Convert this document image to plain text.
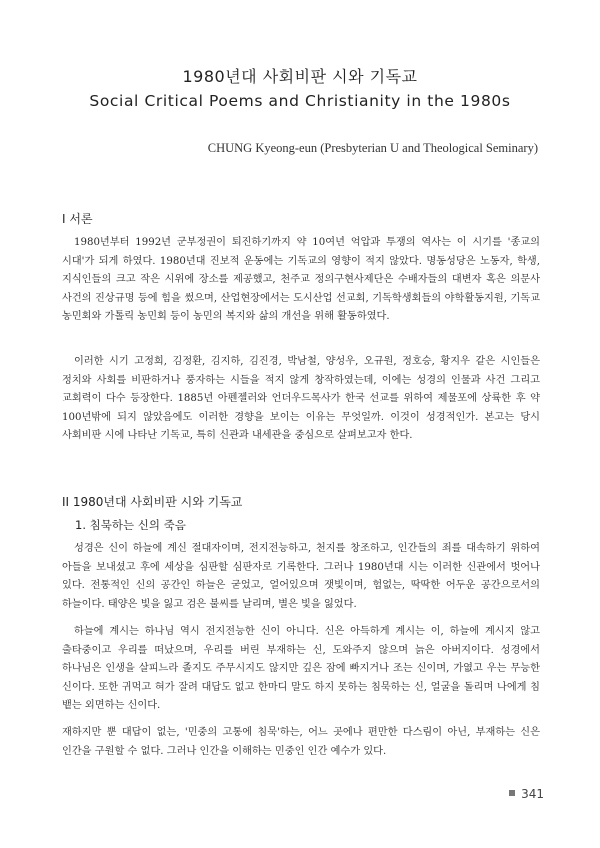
1980년대 사회비판 시와 기독교
Social Critical Poems and Christianity in the 1980s
CHUNG Kyeong-eun (Presbyterian U and Theological Seminary)
I 서론

1980년부터 1992년 군부정권이 퇴진하기까지 약 10여년 억압과 투쟁의 역사는 이 시기를 '종교의 시대'가 되게 하였다. 1980년대 진보적 운동에는 기독교의 영향이 적지 않았다. 명동성당은 노동자, 학생, 지식인들의 크고 작은 시위에 장소를 제공했고, 천주교 정의구현사제단은 수배자들의 대변자 혹은 의문사 사건의 진상규명 등에 힘을 썼으며, 산업현장에서는 도시산업 선교회, 기독학생회들의 야학활동지원, 기독교 농민회와 가톨릭 농민회 등이 농민의 복지와 삶의 개선을 위해 활동하였다.

이러한 시기 고정희, 김정환, 김지하, 김진경, 박남철, 양성우, 오규원, 정호승, 황지우 같은 시인들은 정치와 사회를 비판하거나 풍자하는 시들을 적지 않게 창작하였는데, 이에는 성경의 인물과 사건 그리고 교회력이 다수 등장한다. 1885년 아펜젤러와 언더우드목사가 한국 선교를 위하여 제물포에 상륙한 후 약 100년밖에 되지 않았음에도 이러한 경향을 보이는 이유는 무엇일까. 이것이 성경적인가. 본고는 당시 사회비판 시에 나타난 기독교, 특히 신관과 내세관을 중심으로 살펴보고자 한다.

II 1980년대 사회비판 시와 기독교
1. 침묵하는 신의 죽음

성경은 신이 하늘에 계신 절대자이며, 전지전능하고, 천지를 창조하고, 인간들의 죄를 대속하기 위하여 아들을 보내셨고 후에 세상을 심판할 심판자로 기록한다. 그러나 1980년대 시는 이러한 신관에서 벗어나 있다. 전통적인 신의 공간인 하늘은 굳었고, 얼어있으며 잿빛이며, 험없는, 딱딱한 어두운 공간으로서의 하늘이다. 태양은 빛을 잃고 검은 불씨를 날리며, 별은 빛을 잃었다.

하늘에 계시는 하나님 역시 전지전능한 신이 아니다. 신은 아득하게 계시는 이, 하늘에 계시지 않고 출타중이고 우리를 떠났으며, 우리를 버린 부재하는 신, 도와주지 않으며 늙은 아버지이다. 성경에서 하나님은 인생을 살피느라 졸지도 주무시지도 않지만 깊은 잠에 빠지거나 조는 신이며, 가엾고 우는 무능한 신이다. 또한 귀먹고 혀가 잘려 대답도 없고 한마디 말도 하지 못하는 침묵하는 신, 얼굴을 돌리며 나에게 침 뱉는 외면하는 신이다.

재하지만 뿐 대답이 없는, '민중의 고통에 침묵'하는, 어느 곳에나 편만한 다스림이 아닌, 부재하는 신은 인간을 구원할 수 없다. 그러나 인간을 이해하는 민중인 인간 예수가 있다.

341
